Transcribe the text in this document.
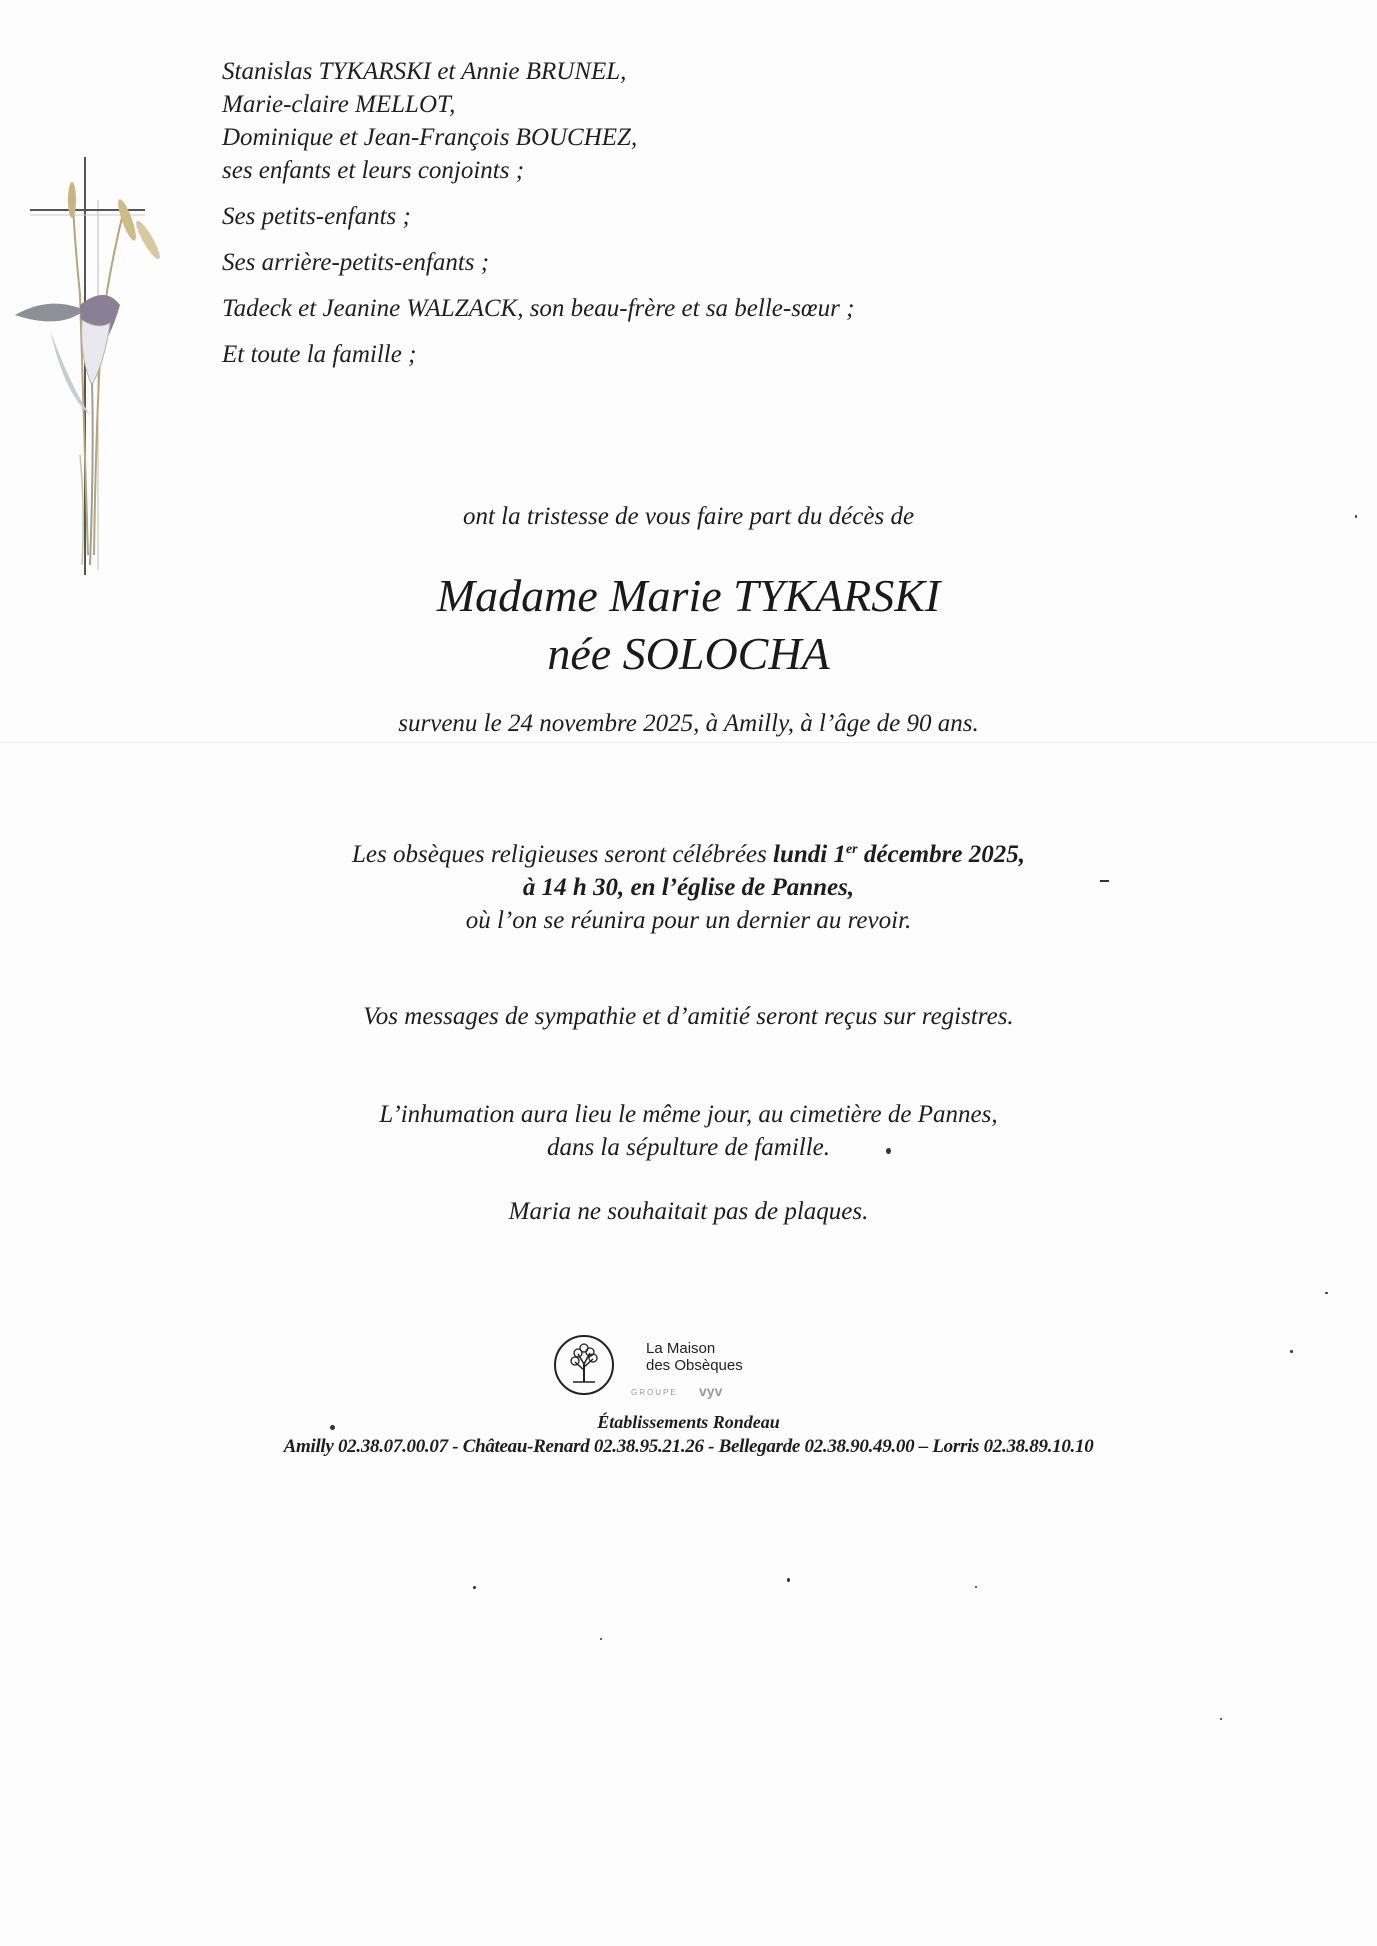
Stanislas TYKARSKI et Annie BRUNEL,
Marie-claire MELLOT,
Dominique et Jean-François BOUCHEZ,
ses enfants et leurs conjoints ;
Ses petits-enfants ;
Ses arrière-petits-enfants ;
Tadeck et Jeanine WALZACK, son beau-frère et sa belle-sœur ;
Et toute la famille ;
ont la tristesse de vous faire part du décès de
Madame Marie TYKARSKI
née SOLOCHA
survenu le 24 novembre 2025, à Amilly, à l’âge de 90 ans.
Les obsèques religieuses seront célébrées lundi 1er décembre 2025,
à 14 h 30, en l’église de Pannes,
où l’on se réunira pour un dernier au revoir.
Vos messages de sympathie et d’amitié seront reçus sur registres.
L’inhumation aura lieu le même jour, au cimetière de Pannes,
dans la sépulture de famille.
Maria ne souhaitait pas de plaques.
La Maison
des Obsèques
GROUPE vyv
Établissements Rondeau
Amilly 02.38.07.00.07 - Château-Renard 02.38.95.21.26 - Bellegarde 02.38.90.49.00 – Lorris 02.38.89.10.10
